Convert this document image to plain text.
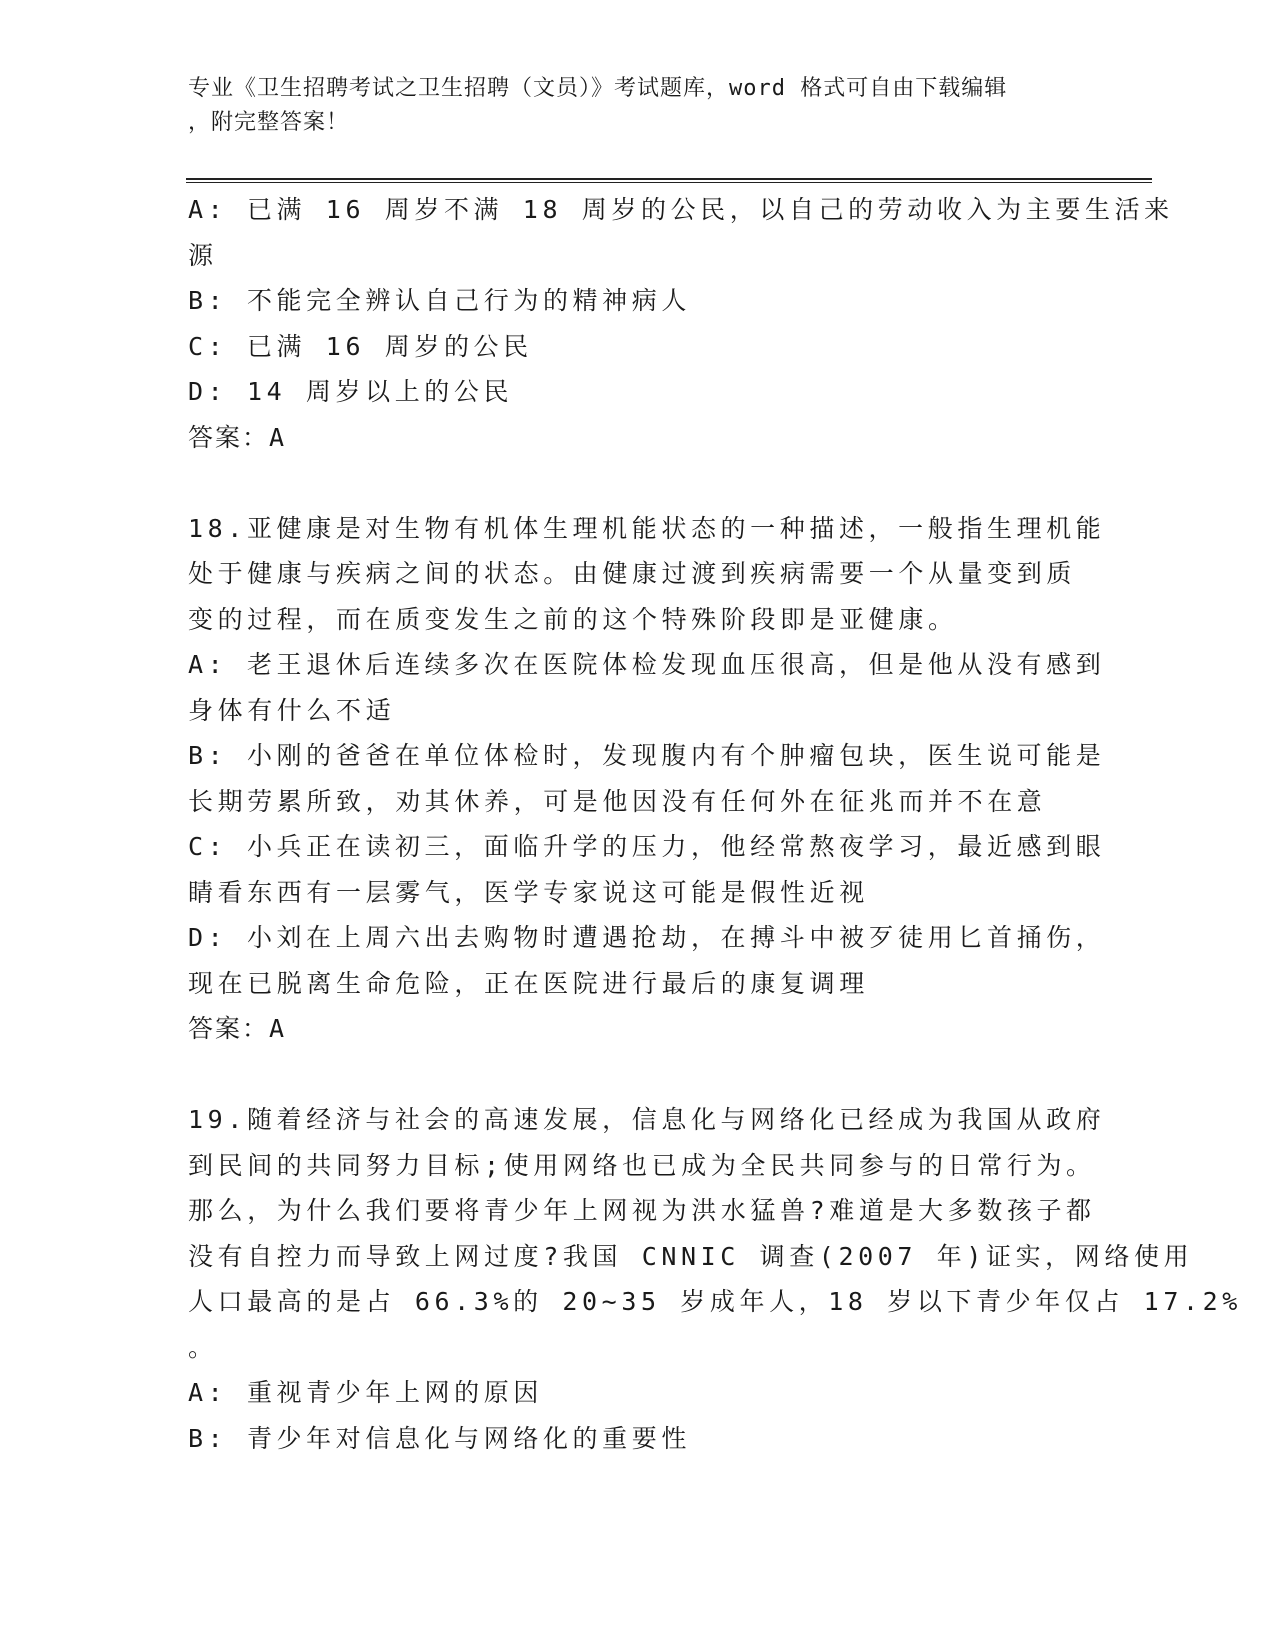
专业《卫生招聘考试之卫生招聘（文员）》考试题库，word 格式可自由下载编辑
，附完整答案！
A: 已满 16 周岁不满 18 周岁的公民，以自己的劳动收入为主要生活来
源
B: 不能完全辨认自己行为的精神病人
C: 已满 16 周岁的公民
D: 14 周岁以上的公民
答案：A
18.亚健康是对生物有机体生理机能状态的一种描述，一般指生理机能
处于健康与疾病之间的状态。由健康过渡到疾病需要一个从量变到质
变的过程，而在质变发生之前的这个特殊阶段即是亚健康。
A: 老王退休后连续多次在医院体检发现血压很高，但是他从没有感到
身体有什么不适
B: 小刚的爸爸在单位体检时，发现腹内有个肿瘤包块，医生说可能是
长期劳累所致，劝其休养，可是他因没有任何外在征兆而并不在意
C: 小兵正在读初三，面临升学的压力，他经常熬夜学习，最近感到眼
睛看东西有一层雾气，医学专家说这可能是假性近视
D: 小刘在上周六出去购物时遭遇抢劫，在搏斗中被歹徒用匕首捅伤，
现在已脱离生命危险，正在医院进行最后的康复调理
答案：A
19.随着经济与社会的高速发展，信息化与网络化已经成为我国从政府
到民间的共同努力目标;使用网络也已成为全民共同参与的日常行为。
那么，为什么我们要将青少年上网视为洪水猛兽?难道是大多数孩子都
没有自控力而导致上网过度?我国 CNNIC 调查(2007 年)证实，网络使用
人口最高的是占 66.3%的 20~35 岁成年人，18 岁以下青少年仅占 17.2%
。
A: 重视青少年上网的原因
B: 青少年对信息化与网络化的重要性
